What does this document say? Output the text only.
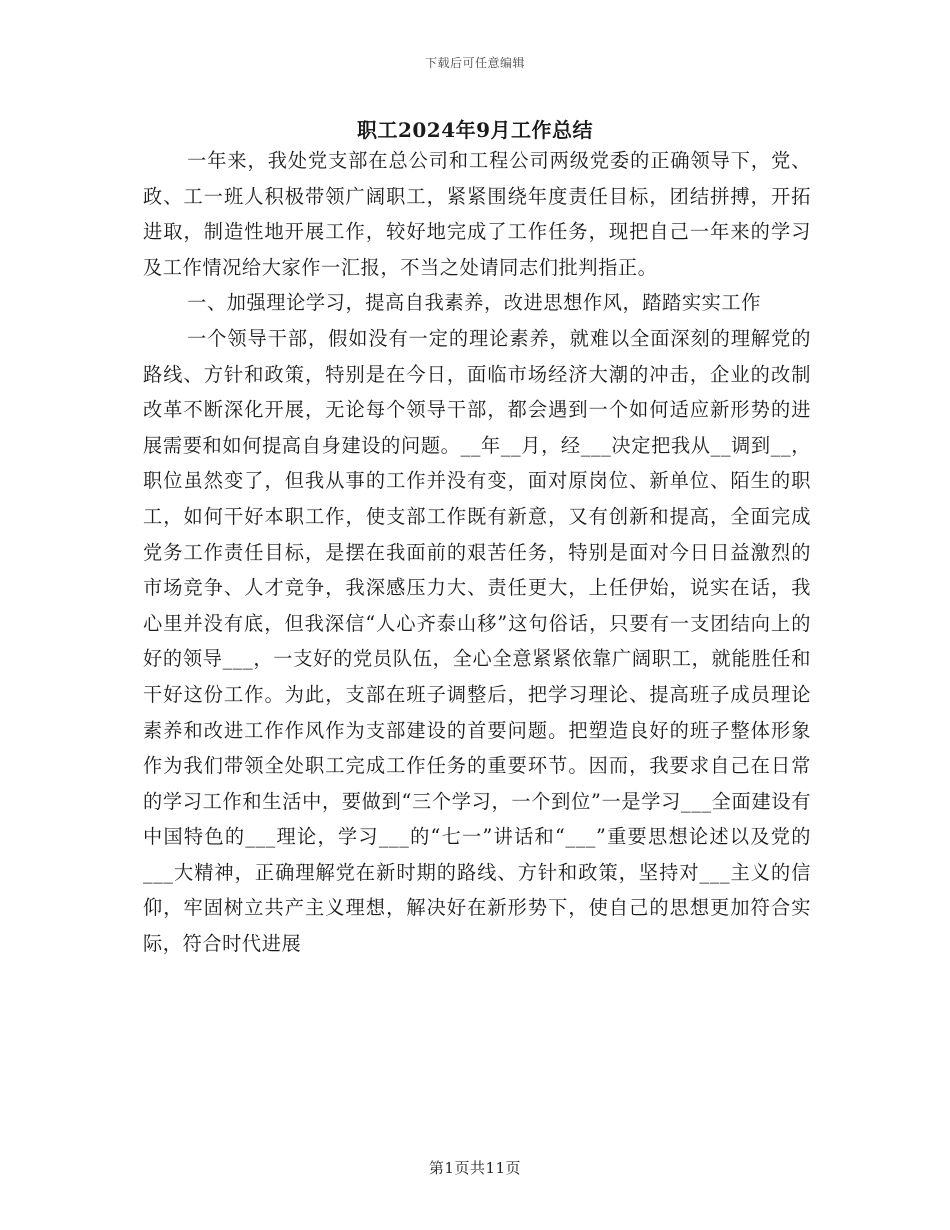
下载后可任意编辑
职工2024年9月工作总结

一年来，我处党支部在总公司和工程公司两级党委的正确领导下，党、政、工一班人积极带领广阔职工，紧紧围绕年度责任目标，团结拼搏，开拓进取，制造性地开展工作，较好地完成了工作任务，现把自己一年来的学习及工作情况给大家作一汇报，不当之处请同志们批判指正。

一、加强理论学习，提高自我素养，改进思想作风，踏踏实实工作

一个领导干部，假如没有一定的理论素养，就难以全面深刻的理解党的路线、方针和政策，特别是在今日，面临市场经济大潮的冲击，企业的改制改革不断深化开展，无论每个领导干部，都会遇到一个如何适应新形势的进展需要和如何提高自身建设的问题。__年__月，经___决定把我从__调到__，职位虽然变了，但我从事的工作并没有变，面对原岗位、新单位、陌生的职工，如何干好本职工作，使支部工作既有新意，又有创新和提高，全面完成党务工作责任目标，是摆在我面前的艰苦任务，特别是面对今日日益激烈的市场竞争、人才竞争，我深感压力大、责任更大，上任伊始，说实在话，我心里并没有底，但我深信“人心齐泰山移”这句俗话，只要有一支团结向上的好的领导___，一支好的党员队伍，全心全意紧紧依靠广阔职工，就能胜任和干好这份工作。为此，支部在班子调整后，把学习理论、提高班子成员理论素养和改进工作作风作为支部建设的首要问题。把塑造良好的班子整体形象作为我们带领全处职工完成工作任务的重要环节。因而，我要求自己在日常的学习工作和生活中，要做到“三个学习，一个到位”一是学习___全面建设有中国特色的___理论，学习___的“七一”讲话和“___”重要思想论述以及党的___大精神，正确理解党在新时期的路线、方针和政策，坚持对___主义的信仰，牢固树立共产主义理想，解决好在新形势下，使自己的思想更加符合实际，符合时代进展

第1页共11页
